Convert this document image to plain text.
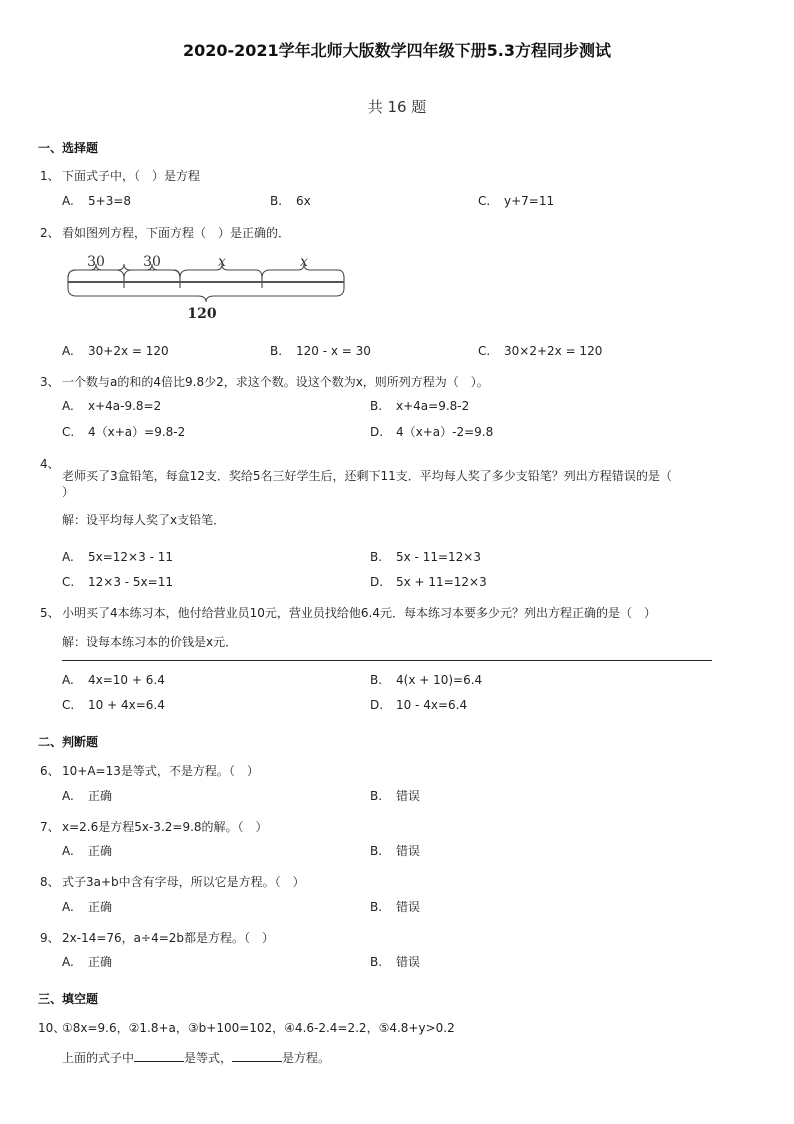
2020-2021学年北师大版数学四年级下册5.3方程同步测试
共 16 题
一、选择题
1、 下面式子中，（　）是方程
A. 5+3=8	B. 6x	C. y+7=11
2、 看如图列方程，下面方程（　）是正确的．
30	30	x	x
120
A. 30+2x = 120	B. 120 - x = 30	C. 30×2+2x = 120
3、 一个数与a的和的4倍比9.8少2，求这个数。设这个数为x，则所列方程为（　）。
A. x+4a-9.8=2	B. x+4a=9.8-2
C. 4（x+a）=9.8-2	D. 4（x+a）-2=9.8
4、
老师买了3盒铅笔，每盒12支．奖给5名三好学生后，还剩下11支．平均每人奖了多少支铅笔？列出方程错误的是（
）
解：设平均每人奖了x支铅笔．
A. 5x=12×3 - 11	B. 5x - 11=12×3
C. 12×3 - 5x=11	D. 5x + 11=12×3
5、 小明买了4本练习本，他付给营业员10元，营业员找给他6.4元．每本练习本要多少元？列出方程正确的是（　）
解：设每本练习本的价钱是x元．
A. 4x=10 + 6.4	B. 4(x + 10)=6.4
C. 10 + 4x=6.4	D. 10 - 4x=6.4
二、判断题
6、 10+A=13是等式，不是方程。（　）
A. 正确	B. 错误
7、 x=2.6是方程5x-3.2=9.8的解。（　）
A. 正确	B. 错误
8、 式子3a+b中含有字母，所以它是方程。（　）
A. 正确	B. 错误
9、 2x-14=76，a÷4=2b都是方程。（　）
A. 正确	B. 错误
三、填空题
10、
①8x=9.6，②1.8+a，③b+100=102，④4.6-2.4=2.2，⑤4.8+y>0.2
上面的式子中	是等式，	是方程。
